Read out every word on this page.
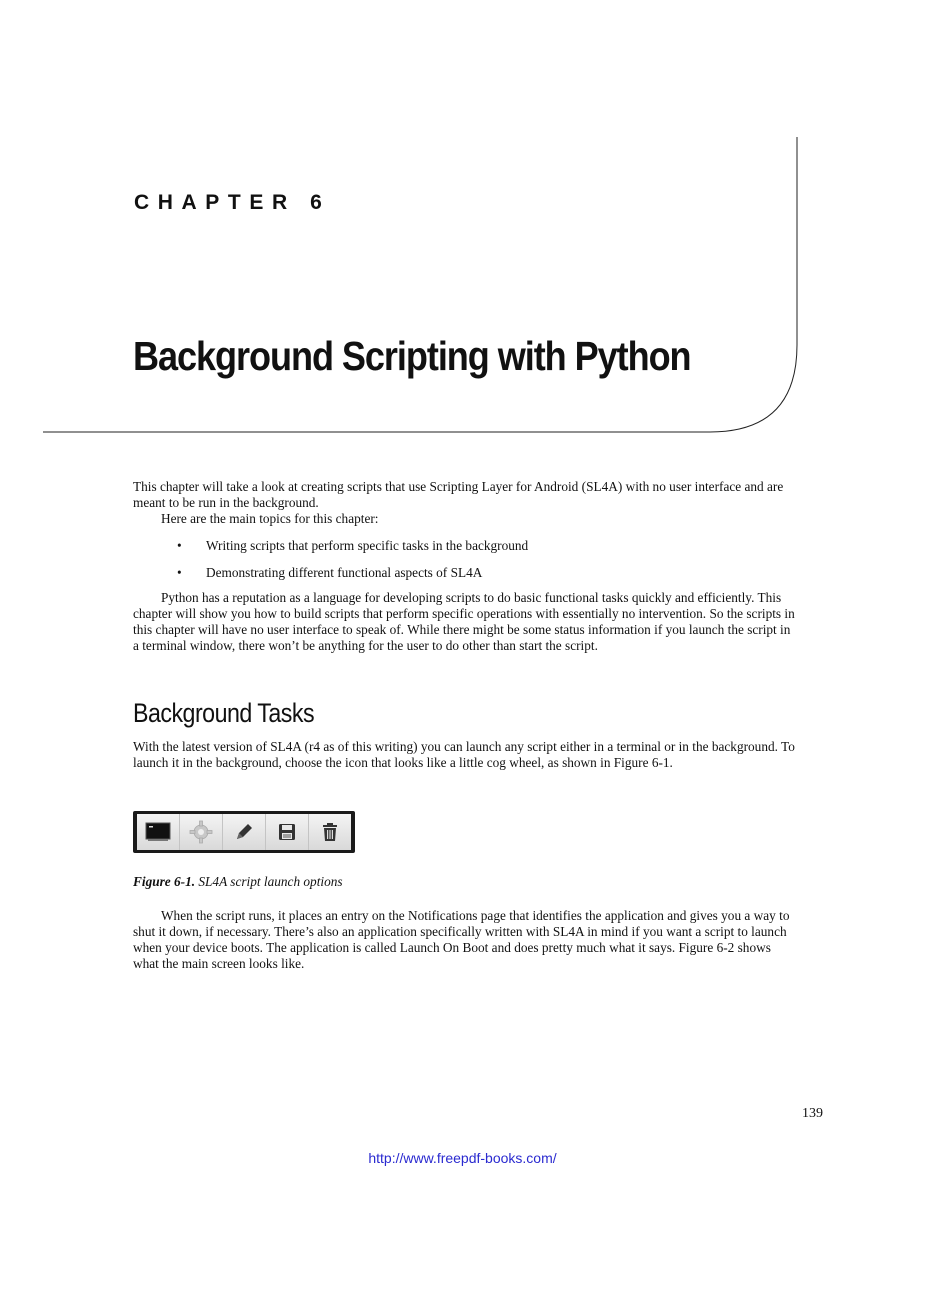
CHAPTER 6
Background Scripting with Python
This chapter will take a look at creating scripts that use Scripting Layer for Android (SL4A) with no user interface and are meant to be run in the background.
Here are the main topics for this chapter:
• Writing scripts that perform specific tasks in the background
• Demonstrating different functional aspects of SL4A
Python has a reputation as a language for developing scripts to do basic functional tasks quickly and efficiently. This chapter will show you how to build scripts that perform specific operations with essentially no intervention. So the scripts in this chapter will have no user interface to speak of. While there might be some status information if you launch the script in a terminal window, there won’t be anything for the user to do other than start the script.
Background Tasks
With the latest version of SL4A (r4 as of this writing) you can launch any script either in a terminal or in the background. To launch it in the background, choose the icon that looks like a little cog wheel, as shown in Figure 6-1.
Figure 6-1. SL4A script launch options
When the script runs, it places an entry on the Notifications page that identifies the application and gives you a way to shut it down, if necessary. There’s also an application specifically written with SL4A in mind if you want a script to launch when your device boots. The application is called Launch On Boot and does pretty much what it says. Figure 6-2 shows what the main screen looks like.
139
http://www.freepdf-books.com/
